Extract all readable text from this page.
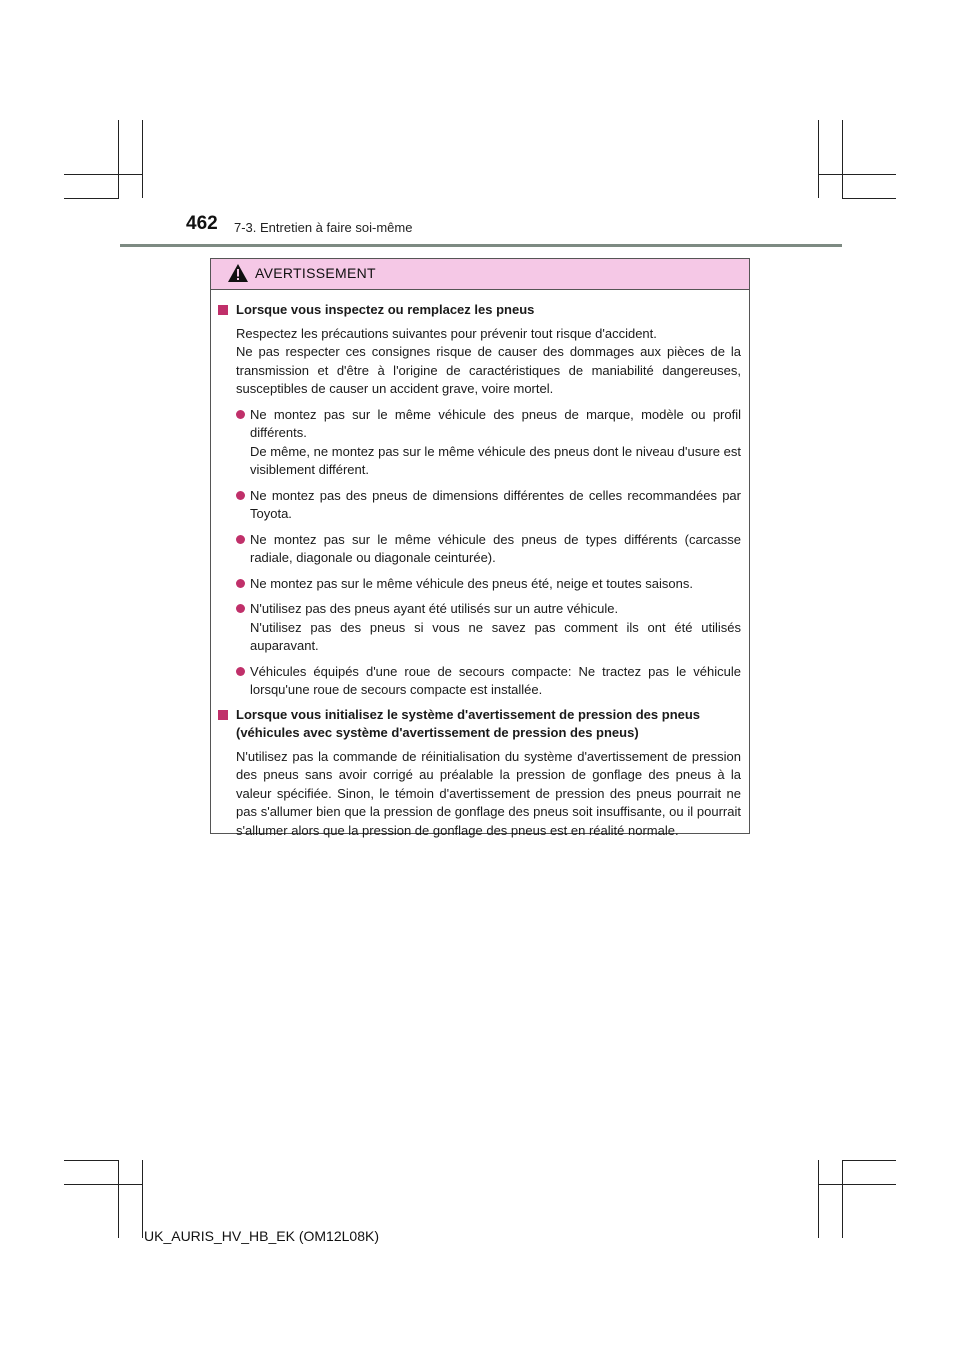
462 7-3. Entretien à faire soi-même
AVERTISSEMENT
Lorsque vous inspectez ou remplacez les pneus
Respectez les précautions suivantes pour prévenir tout risque d'accident.
Ne pas respecter ces consignes risque de causer des dommages aux pièces de la transmission et d'être à l'origine de caractéristiques de maniabilité dangereuses, susceptibles de causer un accident grave, voire mortel.
Ne montez pas sur le même véhicule des pneus de marque, modèle ou profil différents.
De même, ne montez pas sur le même véhicule des pneus dont le niveau d'usure est visiblement différent.
Ne montez pas des pneus de dimensions différentes de celles recommandées par Toyota.
Ne montez pas sur le même véhicule des pneus de types différents (carcasse radiale, diagonale ou diagonale ceinturée).
Ne montez pas sur le même véhicule des pneus été, neige et toutes saisons.
N'utilisez pas des pneus ayant été utilisés sur un autre véhicule.
N'utilisez pas des pneus si vous ne savez pas comment ils ont été utilisés auparavant.
Véhicules équipés d'une roue de secours compacte: Ne tractez pas le véhicule lorsqu'une roue de secours compacte est installée.
Lorsque vous initialisez le système d'avertissement de pression des pneus (véhicules avec système d'avertissement de pression des pneus)
N'utilisez pas la commande de réinitialisation du système d'avertissement de pression des pneus sans avoir corrigé au préalable la pression de gonflage des pneus à la valeur spécifiée. Sinon, le témoin d'avertissement de pression des pneus pourrait ne pas s'allumer bien que la pression de gonflage des pneus soit insuffisante, ou il pourrait s'allumer alors que la pression de gonflage des pneus est en réalité normale.
UK_AURIS_HV_HB_EK (OM12L08K)
